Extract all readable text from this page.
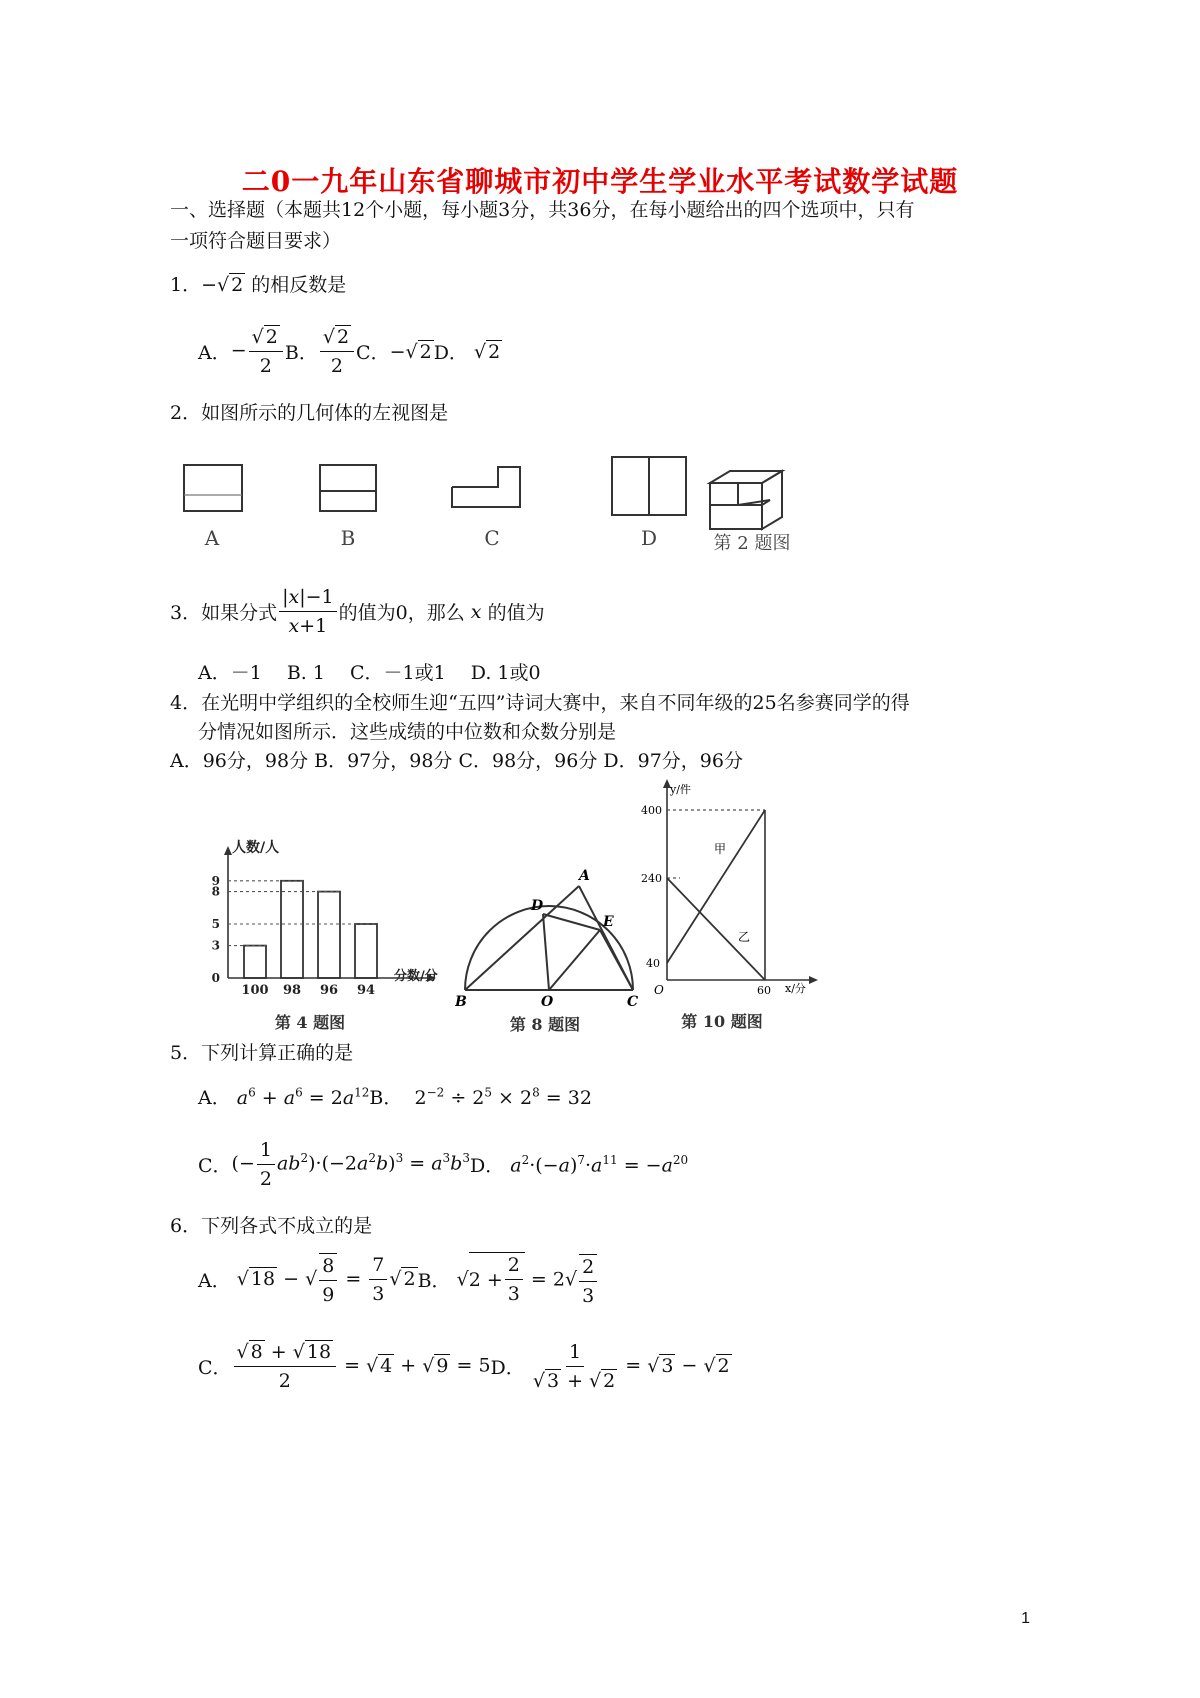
二0一九年山东省聊城市初中学生学业水平考试数学试题
一、选择题（本题共12个小题，每小题3分，共36分，在每小题给出的四个选项中，只有
一项符合题目要求）
1．−√ 2 的相反数是
A． − $\frac{√ 2}{2}$ B． $\frac{√ 2}{2}$ C． −√ 2 D． √ 2
2．如图所示的几何体的左视图是
A	B	C	D	第 2 题图
3． 如果分式 $\frac{|x|-1}{x+1}$ 的值为0，那么
x
的值为
A．－1　 B. 1　 C．－1或1　 D. 1或0
4．在光明中学组织的全校师生迎“五四”诗词大赛中，来自不同年级的25名参赛同学的得
分情况如图所示．这些成绩的中位数和众数分别是
A．96分，98分 B．97分，98分 C．98分，96分 D．97分，96分
100 98 96 94
0
3
5
8
9
人数/人
分数/分
第 4 题图
A
B	C
D
E
O
第 8 题图
y/件
400
240
40
O	60 x/分
甲
乙
第 10 题图
5．下列计算正确的是
A． $a^6 + a^6 = 2a^{12}B$．  $2^{-2} \div 2^5 \times 2^8 = 32$
C． (− $\frac{1}{2} ab^2)\cdot(-2a^2b)^3 = a^3b^3$ D． $a^2\cdot(-a)^7\cdot a^{11} = -a^{20}$
6．下列各式不成立的是
A． √ 18 − √ $\frac{8}{9} = \frac{7}{3}$ √ 2 B． $√2 + \frac{2}{3} = 2√ \frac{2}{3}$
C． $\frac{√ 8 + √ 18}{2}$ = √ 4 + √ 9 = 5 D．
$\frac{1}{√ 3 + √ 2}$ = √ 3 − √ 2
1
